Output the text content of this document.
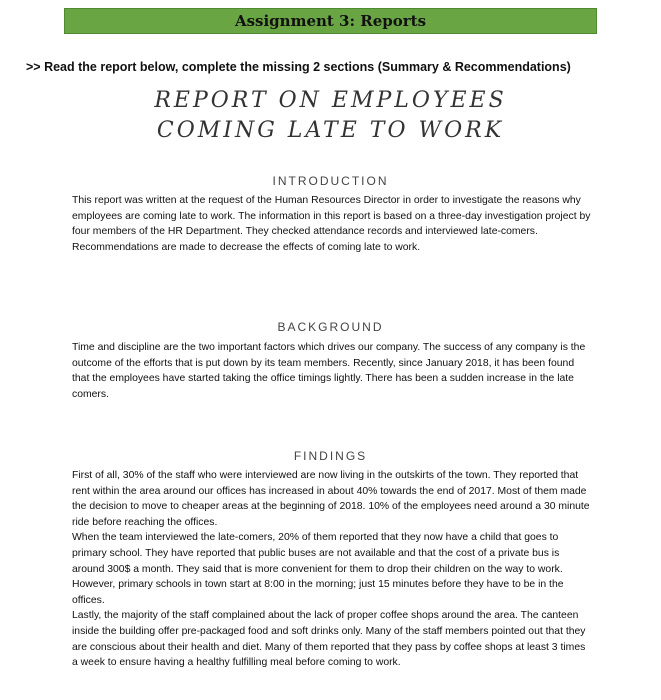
Assignment 3: Reports
>> Read the report below, complete the missing 2 sections (Summary & Recommendations)
REPORT ON EMPLOYEES
COMING LATE TO WORK
INTRODUCTION

This report was written at the request of the Human Resources Director in order to investigate the reasons why employees are coming late to work. The information in this report is based on a three-day investigation project by four members of the HR Department. They checked attendance records and interviewed late-comers. Recommendations are made to decrease the effects of coming late to work.

BACKGROUND

Time and discipline are the two important factors which drives our company. The success of any company is the outcome of the efforts that is put down by its team members. Recently, since January 2018, it has been found that the employees have started taking the office timings lightly. There has been a sudden increase in the late comers.

FINDINGS

First of all, 30% of the staff who were interviewed are now living in the outskirts of the town. They reported that rent within the area around our offices has increased in about 40% towards the end of 2017. Most of them made the decision to move to cheaper areas at the beginning of 2018. 10% of the employees need around a 30 minute ride before reaching the offices.

When the team interviewed the late-comers, 20% of them reported that they now have a child that goes to primary school. They have reported that public buses are not available and that the cost of a private bus is around 300$ a month. They said that is more convenient for them to drop their children on the way to work. However, primary schools in town start at 8:00 in the morning; just 15 minutes before they have to be in the offices.

Lastly, the majority of the staff complained about the lack of proper coffee shops around the area. The canteen inside the building offer pre-packaged food and soft drinks only. Many of the staff members pointed out that they are conscious about their health and diet. Many of them reported that they pass by coffee shops at least 3 times a week to ensure having a healthy fulfilling meal before coming to work.
